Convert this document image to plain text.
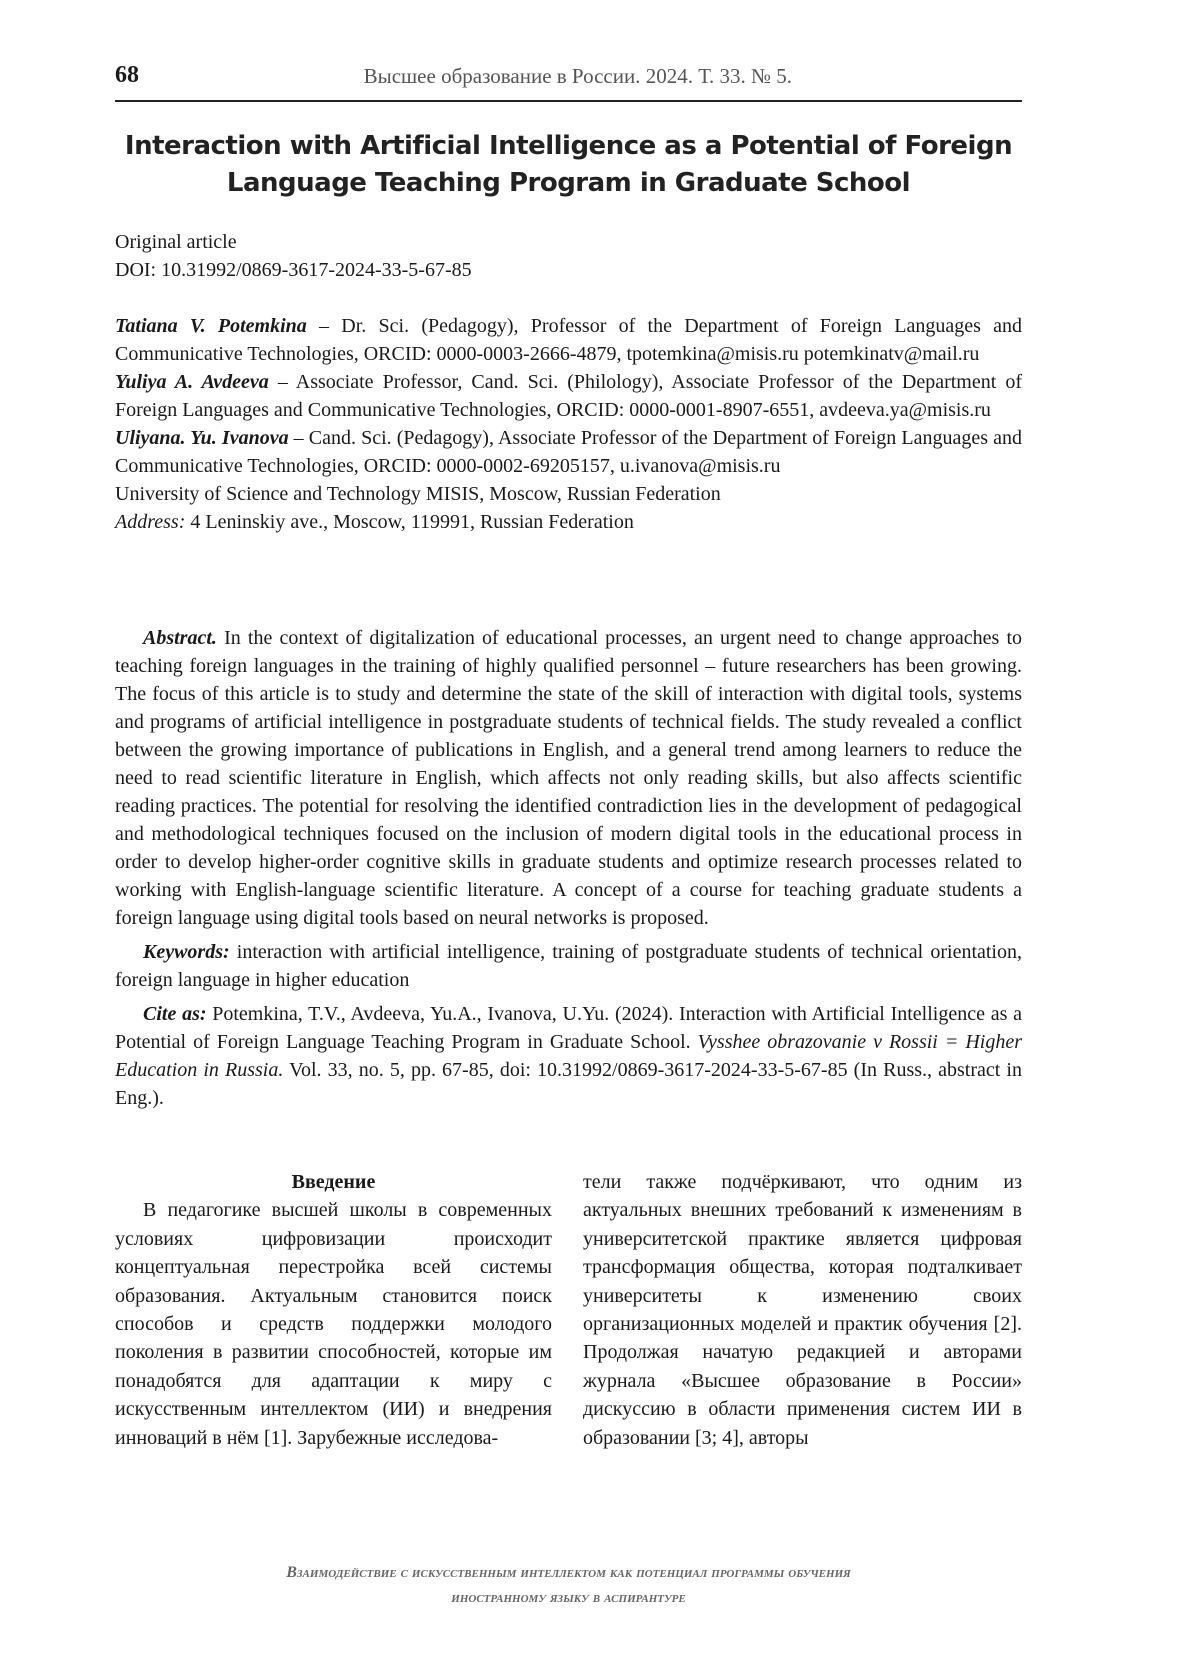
68	Высшее образование в России. 2024. Т. 33. № 5.
Interaction with Artificial Intelligence as a Potential of Foreign Language Teaching Program in Graduate School
Original article
DOI: 10.31992/0869-3617-2024-33-5-67-85

Tatiana V. Potemkina – Dr. Sci. (Pedagogy), Professor of the Department of Foreign Languages and Communicative Technologies, ORCID: 0000-0003-2666-4879, tpotemkina@misis.ru potemkinatv@mail.ru

Yuliya A. Avdeeva – Associate Professor, Cand. Sci. (Philology), Associate Professor of the Department of Foreign Languages and Communicative Technologies, ORCID: 0000-0001-8907-6551, avdeeva.ya@misis.ru

Uliyana. Yu. Ivanova – Cand. Sci. (Pedagogy), Associate Professor of the Department of Foreign Languages and Communicative Technologies, ORCID: 0000-0002-69205157, u.ivanova@misis.ru

University of Science and Technology MISIS, Moscow, Russian Federation

Address: 4 Leninskiy ave., Moscow, 119991, Russian Federation

Abstract. In the context of digitalization of educational processes, an urgent need to change approaches to teaching foreign languages in the training of highly qualified personnel – future researchers has been growing. The focus of this article is to study and determine the state of the skill of interaction with digital tools, systems and programs of artificial intelligence in postgraduate students of technical fields. The study revealed a conflict between the growing importance of publications in English, and a general trend among learners to reduce the need to read scientific literature in English, which affects not only reading skills, but also affects scientific reading practices. The potential for resolving the identified contradiction lies in the development of pedagogical and methodological techniques focused on the inclusion of modern digital tools in the educational process in order to develop higher-order cognitive skills in graduate students and optimize research processes related to working with English-language scientific literature. A concept of a course for teaching graduate students a foreign language using digital tools based on neural networks is proposed.

Keywords: interaction with artificial intelligence, training of postgraduate students of technical orientation, foreign language in higher education

Cite as: Potemkina, T.V., Avdeeva, Yu.A., Ivanova, U.Yu. (2024). Interaction with Artificial Intelligence as a Potential of Foreign Language Teaching Program in Graduate School. Vysshee obrazovanie v Rossii = Higher Education in Russia. Vol. 33, no. 5, pp. 67-85, doi: 10.31992/0869-3617-2024-33-5-67-85 (In Russ., abstract in Eng.).

Введение

В педагогике высшей школы в современных условиях цифровизации происходит концептуальная перестройка всей системы образования. Актуальным становится поиск способов и средств поддержки молодого поколения в развитии способностей, которые им понадобятся для адаптации к миру с искусственным интеллектом (ИИ) и внедрения инноваций в нём [1]. Зарубежные исследова-

тели также подчёркивают, что одним из актуальных внешних требований к изменениям в университетской практике является цифровая трансформация общества, которая подталкивает университеты к изменению своих организационных моделей и практик обучения [2]. Продолжая начатую редакцией и авторами журнала «Высшее образование в России» дискуссию в области применения систем ИИ в образовании [3; 4], авторы

Взаимодействие с искусственным интеллектом как потенциал программы обучения
иностранному языку в аспирантуре
